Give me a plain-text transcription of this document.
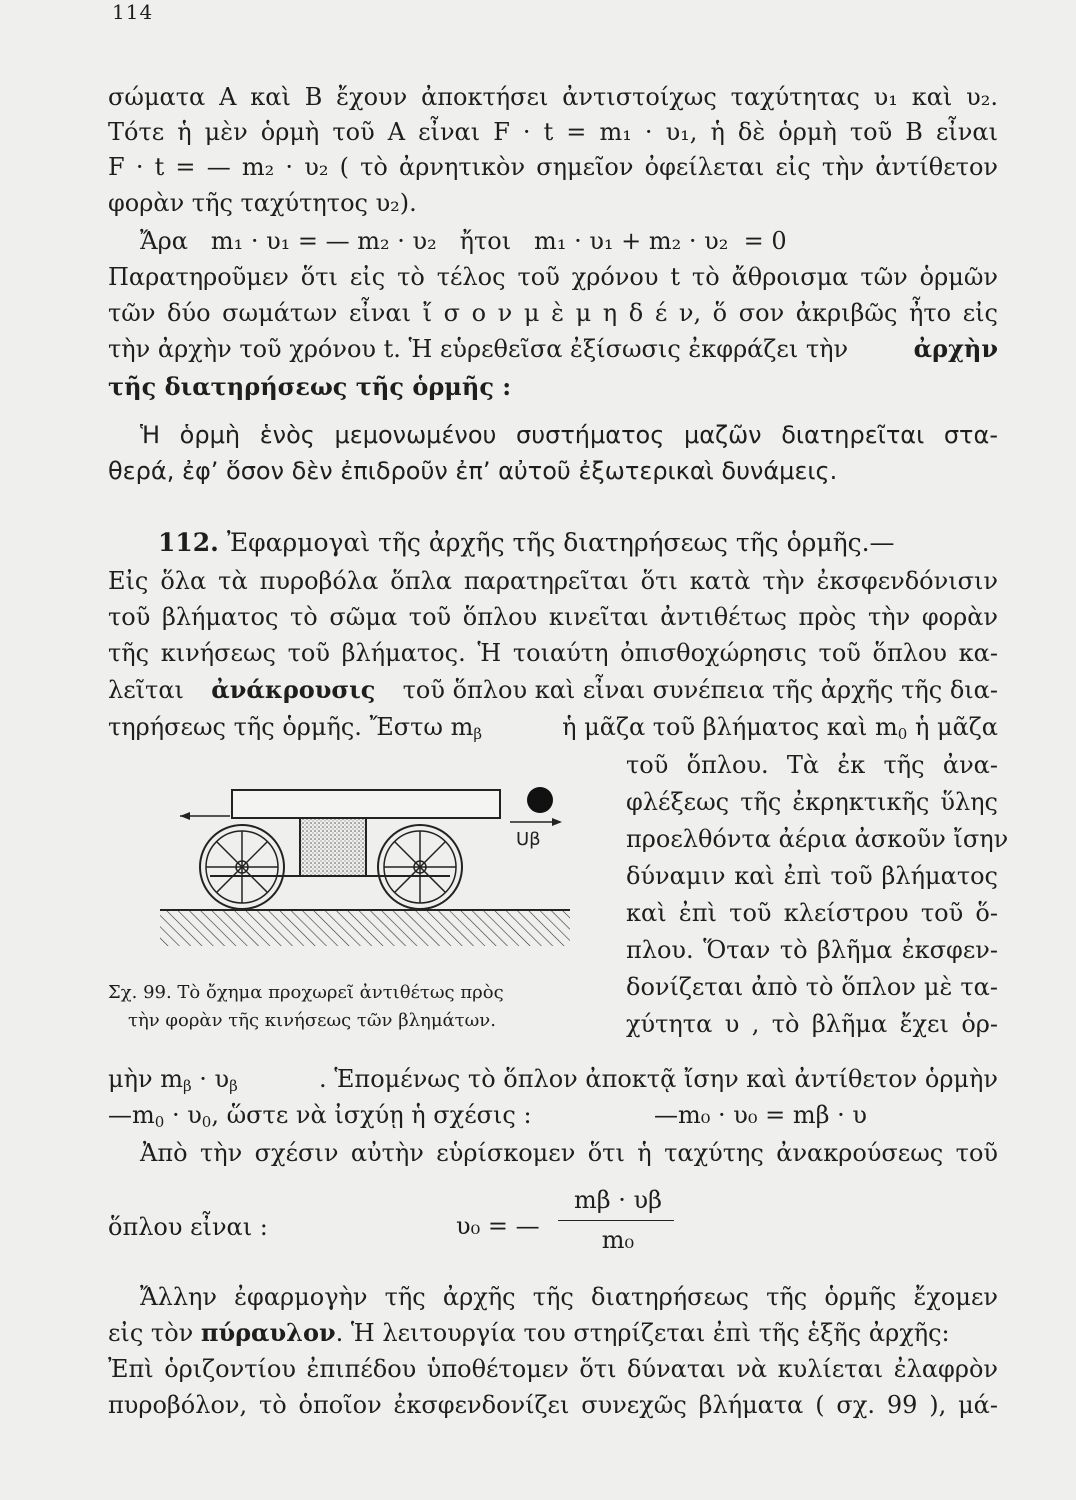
114
σώματα Α καὶ Β ἔχουν ἀποκτήσει ἀντιστοίχως ταχύτητας υ₁ καὶ υ₂.
Τότε ἡ μὲν ὁρμὴ τοῦ Α εἶναι F · t = m₁ · υ₁, ἡ δὲ ὁρμὴ τοῦ Β εἶναι
F · t = — m₂ · υ₂ ( τὸ ἀρνητικὸν σημεῖον ὀφείλεται εἰς τὴν ἀντίθετον
φορὰν τῆς ταχύτητος υ₂).
Ἄρα   m₁ · υ₁ = — m₂ · υ₂   ἤτοι   m₁ · υ₁ + m₂ · υ₂  = 0
Παρατηροῦμεν ὅτι εἰς τὸ τέλος τοῦ χρόνου t τὸ ἄθροισμα τῶν ὁρμῶν
τῶν δύο σωμάτων εἶναι ἴ σ ο ν μ ὲ μ η δ έ ν, ὅ σον ἀκριβῶς ἦτο εἰς
τὴν ἀρχὴν τοῦ χρόνου t. Ἡ εὑρεθεῖσα ἐξίσωσις ἐκφράζει τὴν	ἀρχὴν
τῆς διατηρήσεως τῆς ὁρμῆς :
Ἡ ὁρμὴ ἑνὸς μεμονωμένου συστήματος μαζῶν διατηρεῖται στα-
θερά, ἐφ’ ὅσον δὲν ἐπιδροῦν ἐπ’ αὐτοῦ ἐξωτερικαὶ δυνάμεις.
112. Ἐφαρμογαὶ τῆς ἀρχῆς τῆς διατηρήσεως τῆς ὁρμῆς.—
Εἰς ὅλα τὰ πυροβόλα ὅπλα παρατηρεῖται ὅτι κατὰ τὴν ἐκσφενδόνισιν
τοῦ βλήματος τὸ σῶμα τοῦ ὅπλου κινεῖται ἀντιθέτως πρὸς τὴν φορὰν
τῆς κινήσεως τοῦ βλήματος. Ἡ τοιαύτη ὀπισθοχώρησις τοῦ ὅπλου κα-
λεῖται ἀνάκρουσις τοῦ ὅπλου καὶ εἶναι συνέπεια τῆς ἀρχῆς τῆς δια-
τηρήσεως τῆς ὁρμῆς. Ἔστω $m_\beta$	ἡ μᾶζα τοῦ βλήματος καὶ $m_0$ ἡ μᾶζα
τοῦ ὅπλου. Τὰ ἐκ τῆς ἀνα-
φλέξεως τῆς ἐκρηκτικῆς ὕλης
προελθόντα ἀέρια ἀσκοῦν ἴσην
δύναμιν καὶ ἐπὶ τοῦ βλήματος
καὶ ἐπὶ τοῦ κλείστρου τοῦ ὅ-
πλου. Ὅταν τὸ βλῆμα ἐκσφεν-
δονίζεται ἀπὸ τὸ ὅπλον μὲ τα-
χύτητα υ , τὸ βλῆμα ἔχει ὁρ-
Uβ
Σχ. 99. Τὸ ὄχημα προχωρεῖ ἀντιθέτως πρὸς
τὴν φορὰν τῆς κινήσεως τῶν βλημάτων.
μὴν $m_\beta \cdot \upsilon_\beta$	. Ἑπομένως τὸ ὅπλον ἀποκτᾷ ἴσην καὶ ἀντίθετον ὁρμὴν
$—m_0 \cdot \upsilon_0$, ὥστε νὰ ἰσχύῃ ἡ σχέσις :	—m₀ · υ₀ = mβ · υ
Ἀπὸ τὴν σχέσιν αὐτὴν εὑρίσκομεν ὅτι ἡ ταχύτης ἀνακρούσεως τοῦ
ὅπλου εἶναι :	υ₀ = —
mβ · υβ
m₀
Ἄλλην ἐφαρμογὴν τῆς ἀρχῆς τῆς διατηρήσεως τῆς ὁρμῆς ἔχομεν
εἰς τὸν πύραυλον. Ἡ λειτουργία του στηρίζεται ἐπὶ τῆς ἑξῆς ἀρχῆς:
Ἐπὶ ὁριζοντίου ἐπιπέδου ὑποθέτομεν ὅτι δύναται νὰ κυλίεται ἐλαφρὸν
πυροβόλον, τὸ ὁποῖον ἐκσφενδονίζει συνεχῶς βλήματα ( σχ. 99 ), μά-
